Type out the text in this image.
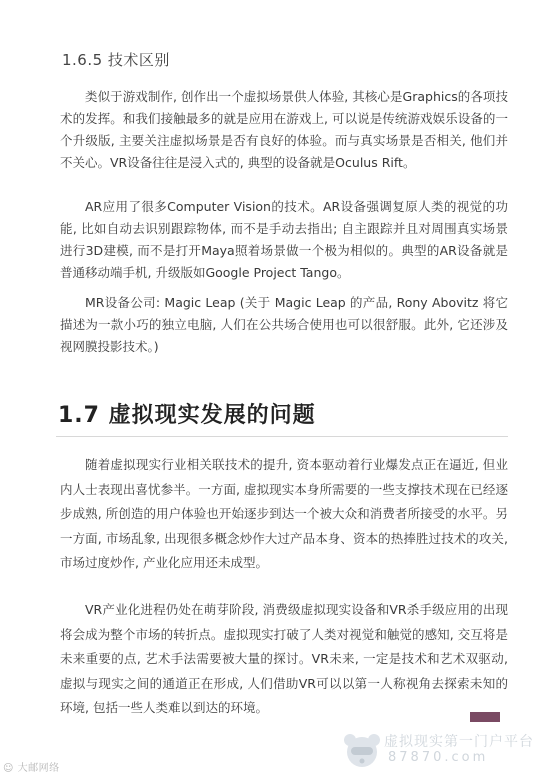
1.6.5 技术区别

类似于游戏制作, 创作出一个虚拟场景供人体验, 其核心是Graphics的各项技术的发挥。和我们接触最多的就是应用在游戏上, 可以说是传统游戏娱乐设备的一个升级版, 主要关注虚拟场景是否有良好的体验。而与真实场景是否相关, 他们并不关心。VR设备往往是浸入式的, 典型的设备就是Oculus Rift。

AR应用了很多Computer Vision的技术。AR设备强调复原人类的视觉的功能, 比如自动去识别跟踪物体, 而不是手动去指出; 自主跟踪并且对周围真实场景进行3D建模, 而不是打开Maya照着场景做一个极为相似的。典型的AR设备就是普通移动端手机, 升级版如Google Project Tango。

MR设备公司: Magic Leap (关于 Magic Leap 的产品, Rony Abovitz 将它描述为一款小巧的独立电脑, 人们在公共场合使用也可以很舒服。此外, 它还涉及视网膜投影技术。)

1.7 虚拟现实发展的问题

随着虚拟现实行业相关联技术的提升, 资本驱动着行业爆发点正在逼近, 但业内人士表现出喜忧参半。一方面, 虚拟现实本身所需要的一些支撑技术现在已经逐步成熟, 所创造的用户体验也开始逐步到达一个被大众和消费者所接受的水平。另一方面, 市场乱象, 出现很多概念炒作大过产品本身、资本的热捧胜过技术的攻关, 市场过度炒作, 产业化应用还未成型。

VR产业化进程仍处在萌芽阶段, 消费级虚拟现实设备和VR杀手级应用的出现将会成为整个市场的转折点。虚拟现实打破了人类对视觉和触觉的感知, 交互将是未来重要的点, 艺术手法需要被大量的探讨。VR未来, 一定是技术和艺术双驱动, 虚拟与现实之间的通道正在形成, 人们借助VR可以以第一人称视角去探索未知的环境, 包括一些人类难以到达的环境。

☺ 大邮网络
虚拟现实第一门户平台
87870.com
